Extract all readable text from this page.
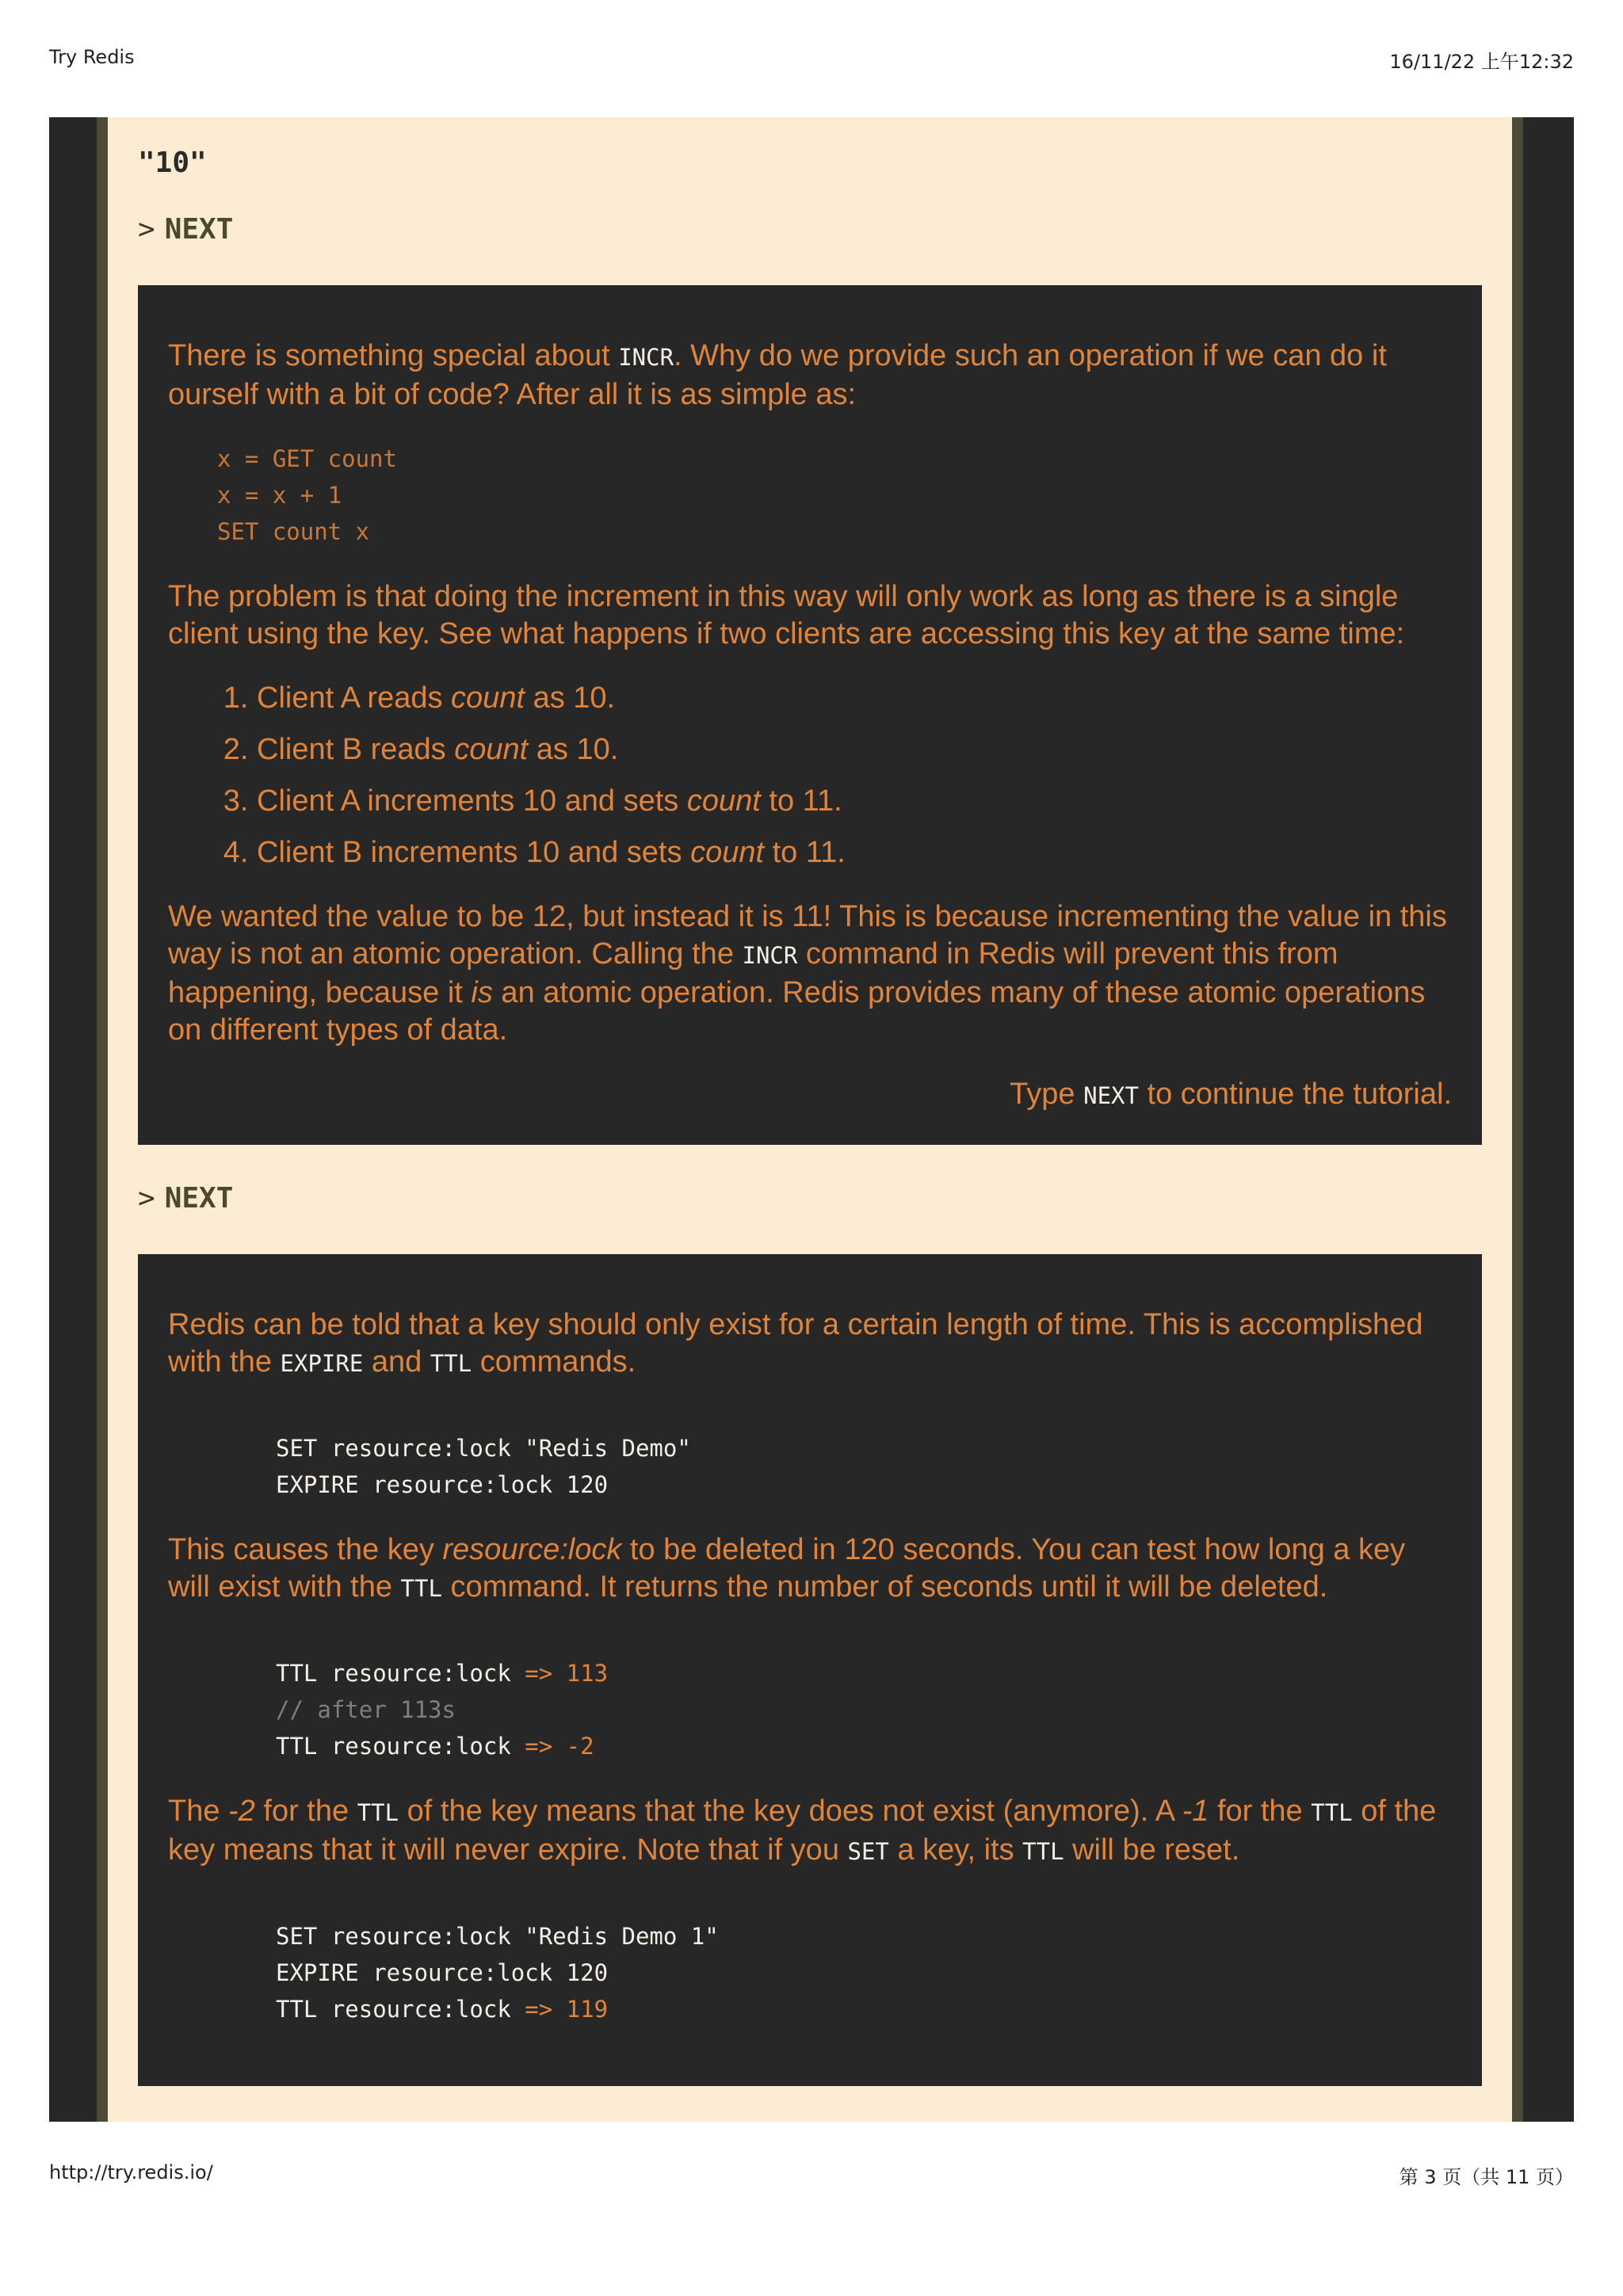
Try Redis	16/11/22 上午12:32
"10"
> NEXT

There is something special about INCR. Why do we provide such an operation if we can do it ourself with a bit of code? After all it is as simple as:

x = GET count
x = x + 1
SET count x

The problem is that doing the increment in this way will only work as long as there is a single client using the key. See what happens if two clients are accessing this key at the same time:

1. Client A reads count as 10.
2. Client B reads count as 10.
3. Client A increments 10 and sets count to 11.
4. Client B increments 10 and sets count to 11.

We wanted the value to be 12, but instead it is 11! This is because incrementing the value in this way is not an atomic operation. Calling the INCR command in Redis will prevent this from happening, because it is an atomic operation. Redis provides many of these atomic operations on different types of data.

Type NEXT to continue the tutorial.

> NEXT

Redis can be told that a key should only exist for a certain length of time. This is accomplished with the EXPIRE and TTL commands.

SET resource:lock "Redis Demo"
EXPIRE resource:lock 120

This causes the key resource:lock to be deleted in 120 seconds. You can test how long a key will exist with the TTL command. It returns the number of seconds until it will be deleted.

TTL resource:lock => 113
// after 113s
TTL resource:lock => -2

The -2 for the TTL of the key means that the key does not exist (anymore). A -1 for the TTL of the key means that it will never expire. Note that if you SET a key, its TTL will be reset.

SET resource:lock "Redis Demo 1"
EXPIRE resource:lock 120
TTL resource:lock => 119
http://try.redis.io/	第 3 页（共 11 页）
